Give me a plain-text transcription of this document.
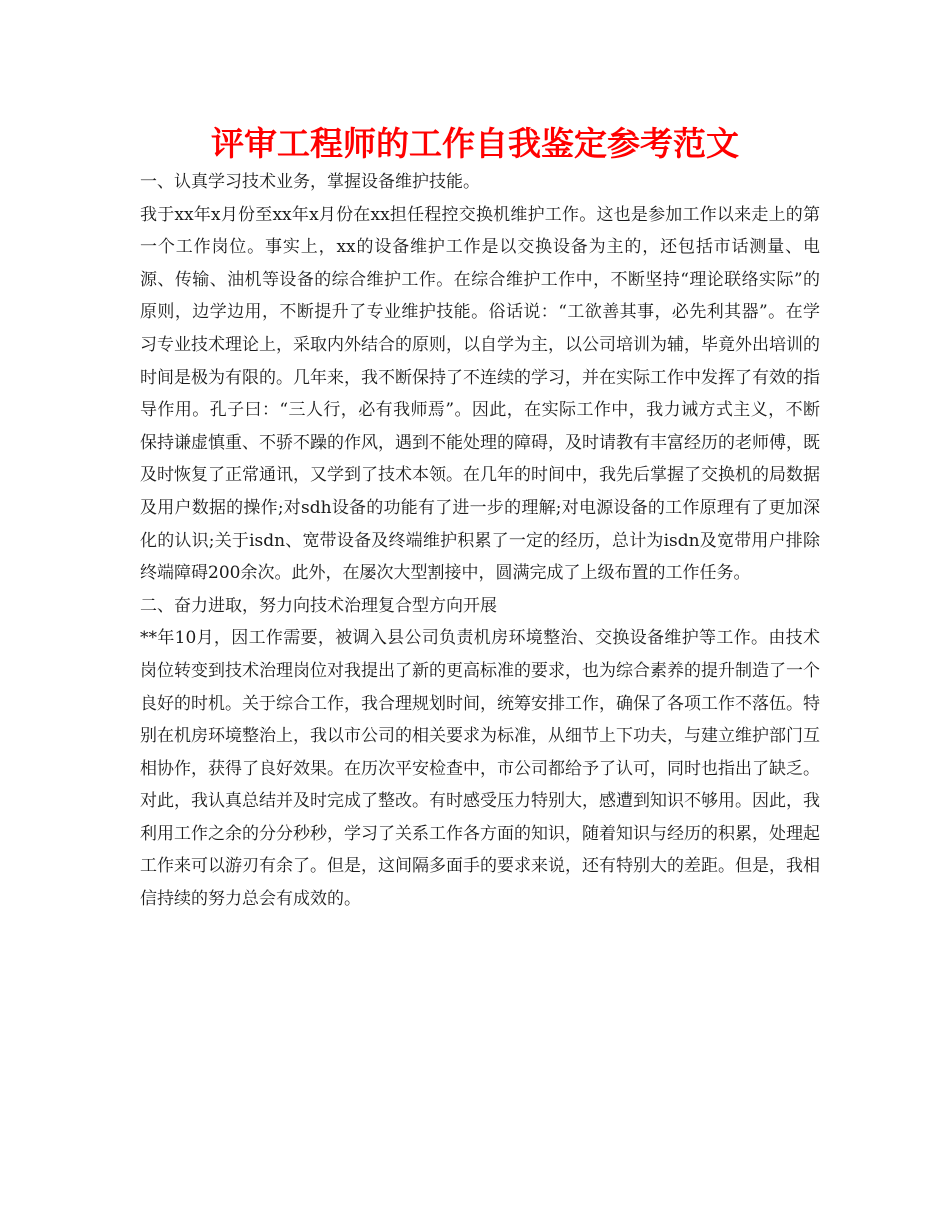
评审工程师的工作自我鉴定参考范文

一、认真学习技术业务，掌握设备维护技能。

我于xx年x月份至xx年x月份在xx担任程控交换机维护工作。这也是参加工作以来走上的第一个工作岗位。事实上，xx的设备维护工作是以交换设备为主的，还包括市话测量、电源、传输、油机等设备的综合维护工作。在综合维护工作中，不断坚持“理论联络实际”的原则，边学边用，不断提升了专业维护技能。俗话说：“工欲善其事，必先利其器”。在学习专业技术理论上，采取内外结合的原则，以自学为主，以公司培训为辅，毕竟外出培训的时间是极为有限的。几年来，我不断保持了不连续的学习，并在实际工作中发挥了有效的指导作用。孔子曰：“三人行，必有我师焉”。因此，在实际工作中，我力诫方式主义，不断保持谦虚慎重、不骄不躁的作风，遇到不能处理的障碍，及时请教有丰富经历的老师傅，既及时恢复了正常通讯，又学到了技术本领。在几年的时间中，我先后掌握了交换机的局数据及用户数据的操作;对sdh设备的功能有了进一步的理解;对电源设备的工作原理有了更加深化的认识;关于isdn、宽带设备及终端维护积累了一定的经历，总计为isdn及宽带用户排除终端障碍200余次。此外，在屡次大型割接中，圆满完成了上级布置的工作任务。

二、奋力进取，努力向技术治理复合型方向开展

**年10月，因工作需要，被调入县公司负责机房环境整治、交换设备维护等工作。由技术岗位转变到技术治理岗位对我提出了新的更高标准的要求，也为综合素养的提升制造了一个良好的时机。关于综合工作，我合理规划时间，统筹安排工作，确保了各项工作不落伍。特别在机房环境整治上，我以市公司的相关要求为标准，从细节上下功夫，与建立维护部门互相协作，获得了良好效果。在历次平安检查中，市公司都给予了认可，同时也指出了缺乏。对此，我认真总结并及时完成了整改。有时感受压力特别大，感遭到知识不够用。因此，我利用工作之余的分分秒秒，学习了关系工作各方面的知识，随着知识与经历的积累，处理起工作来可以游刃有余了。但是，这间隔多面手的要求来说，还有特别大的差距。但是，我相信持续的努力总会有成效的。
